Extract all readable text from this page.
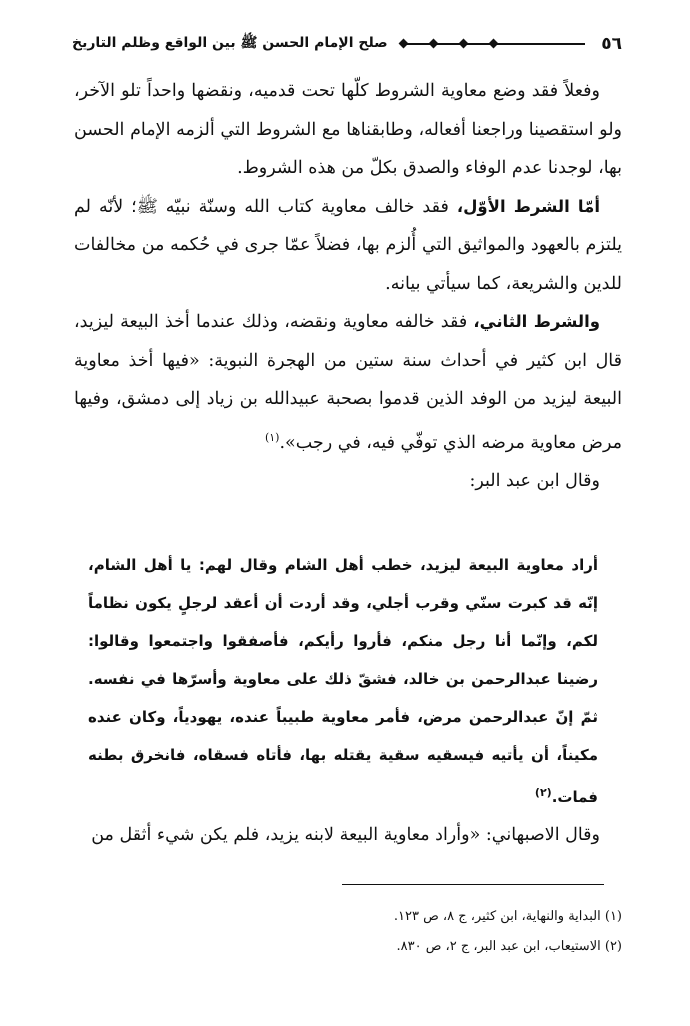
٥٦
صلح الإمام الحسن ﷺ بين الواقع وظلم التاريخ

وفعلاً فقد وضع معاوية الشروط كلّها تحت قدميه، ونقضها واحداً تلو الآخر، ولو استقصينا وراجعنا أفعاله، وطابقناها مع الشروط التي ألزمه الإمام الحسن بها، لوجدنا عدم الوفاء والصدق بكلّ من هذه الشروط.

أمّا الشرط الأوّل، فقد خالف معاوية كتاب الله وسنّة نبيّه ﷺ؛ لأنّه لم يلتزم بالعهود والمواثيق التي أُلزم بها، فضلاً عمّا جرى في حُكمه من مخالفات للدين والشريعة، كما سيأتي بيانه.

والشرط الثاني، فقد خالفه معاوية ونقضه، وذلك عندما أخذ البيعة ليزيد، قال ابن كثير في أحداث سنة ستين من الهجرة النبوية: «فيها أخذ معاوية البيعة ليزيد من الوفد الذين قدموا بصحبة عبيدالله بن زياد إلى دمشق، وفيها مرض معاوية مرضه الذي توفّي فيه، في رجب».$^{(١)}$

وقال ابن عبد البر:

أراد معاوية البيعة ليزيد، خطب أهل الشام وقال لهم: يا أهل الشام، إنّه قد كبرت سنّي وقرب أجلي، وقد أردت أن أعقد لرجلٍ يكون نظاماً لكم، وإنّما أنا رجل منكم، فأروا رأيكم، فأصفقوا واجتمعوا وقالوا: رضينا عبدالرحمن بن خالد، فشقّ ذلك على معاوية وأسرّها في نفسه. ثمّ إنّ عبدالرحمن مرض، فأمر معاوية طبيباً عنده، يهودياً، وكان عنده مكيناً، أن يأتيه فيسقيه سقية يقتله بها، فأتاه فسقاه، فانخرق بطنه فمات.$^{(٢)}$
وقال الاصبهاني: «وأراد معاوية البيعة لابنه يزيد، فلم يكن شيء أثقل من
(١) البداية والنهاية، ابن كثير، ج ٨، ص ١٢٣.
(٢) الاستيعاب، ابن عبد البر، ج ٢، ص ٨٣٠.
